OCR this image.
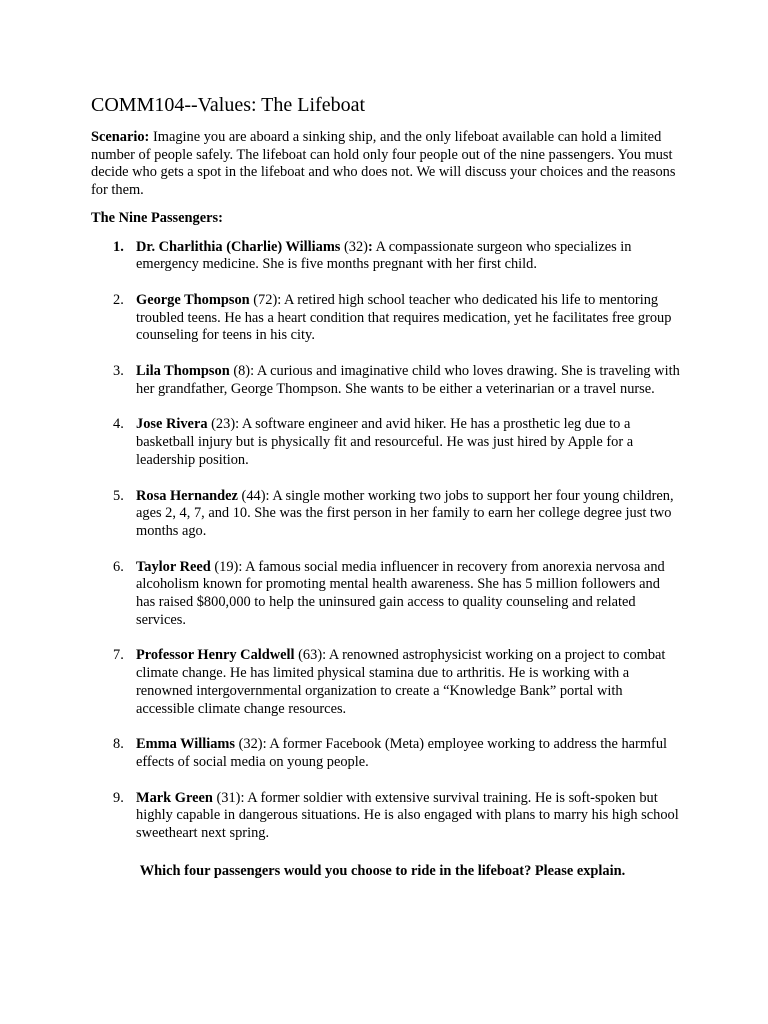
COMM104--Values: The Lifeboat

Scenario: Imagine you are aboard a sinking ship, and the only lifeboat available can hold a limited number of people safely. The lifeboat can hold only four people out of the nine passengers. You must decide who gets a spot in the lifeboat and who does not. We will discuss your choices and the reasons for them.

The Nine Passengers:

1. Dr. Charlithia (Charlie) Williams (32): A compassionate surgeon who specializes in emergency medicine. She is five months pregnant with her first child.
2. George Thompson (72): A retired high school teacher who dedicated his life to mentoring troubled teens. He has a heart condition that requires medication, yet he facilitates free group counseling for teens in his city.
3. Lila Thompson (8): A curious and imaginative child who loves drawing. She is traveling with her grandfather, George Thompson. She wants to be either a veterinarian or a travel nurse.
4. Jose Rivera (23): A software engineer and avid hiker. He has a prosthetic leg due to a basketball injury but is physically fit and resourceful. He was just hired by Apple for a leadership position.
5. Rosa Hernandez (44): A single mother working two jobs to support her four young children, ages 2, 4, 7, and 10. She was the first person in her family to earn her college degree just two months ago.
6. Taylor Reed (19): A famous social media influencer in recovery from anorexia nervosa and alcoholism known for promoting mental health awareness. She has 5 million followers and has raised $800,000 to help the uninsured gain access to quality counseling and related services.
7. Professor Henry Caldwell (63): A renowned astrophysicist working on a project to combat climate change. He has limited physical stamina due to arthritis. He is working with a renowned intergovernmental organization to create a “Knowledge Bank” portal with accessible climate change resources.
8. Emma Williams (32): A former Facebook (Meta) employee working to address the harmful effects of social media on young people.
9. Mark Green (31): A former soldier with extensive survival training. He is soft-spoken but highly capable in dangerous situations. He is also engaged with plans to marry his high school sweetheart next spring.

Which four passengers would you choose to ride in the lifeboat? Please explain.
